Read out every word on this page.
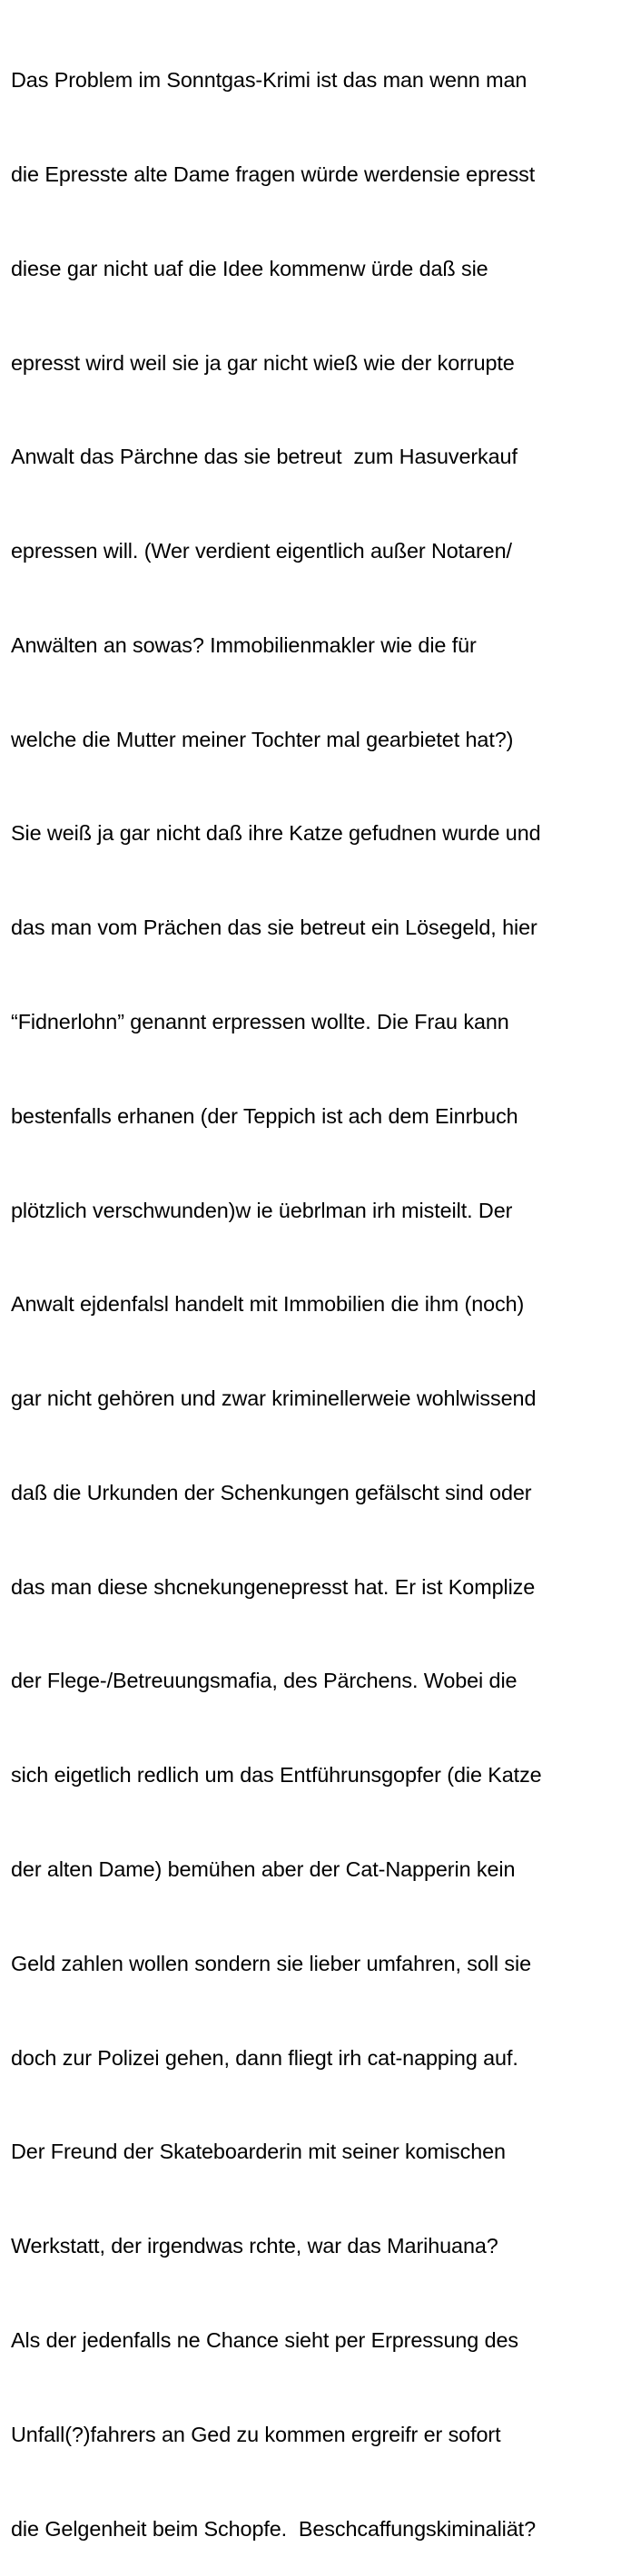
Das Problem im Sonntgas-Krimi ist das man wenn man

die Epresste alte Dame fragen würde werdensie epresst

diese gar nicht uaf die Idee kommenw ürde daß sie

epresst wird weil sie ja gar nicht wieß wie der korrupte

Anwalt das Pärchne das sie betreut  zum Hasuverkauf

epressen will. (Wer verdient eigentlich außer Notaren/

Anwälten an sowas? Immobilienmakler wie die für

welche die Mutter meiner Tochter mal gearbietet hat?)

Sie weiß ja gar nicht daß ihre Katze gefudnen wurde und

das man vom Prächen das sie betreut ein Lösegeld, hier

“Fidnerlohn” genannt erpressen wollte. Die Frau kann

bestenfalls erhanen (der Teppich ist ach dem Einrbuch

plötzlich verschwunden)w ie üebrlman irh misteilt. Der

Anwalt ejdenfalsl handelt mit Immobilien die ihm (noch)

gar nicht gehören und zwar kriminellerweie wohlwissend

daß die Urkunden der Schenkungen gefälscht sind oder

das man diese shcnekungenepresst hat. Er ist Komplize

der Flege-/Betreuungsmafia, des Pärchens. Wobei die

sich eigetlich redlich um das Entführunsgopfer (die Katze

der alten Dame) bemühen aber der Cat-Napperin kein

Geld zahlen wollen sondern sie lieber umfahren, soll sie

doch zur Polizei gehen, dann fliegt irh cat-napping auf.

Der Freund der Skateboarderin mit seiner komischen

Werkstatt, der irgendwas rchte, war das Marihuana?

Als der jedenfalls ne Chance sieht per Erpressung des

Unfall(?)fahrers an Ged zu kommen ergreifr er sofort

die Gelgenheit beim Schopfe.  Beschcaffungskiminaliät?
